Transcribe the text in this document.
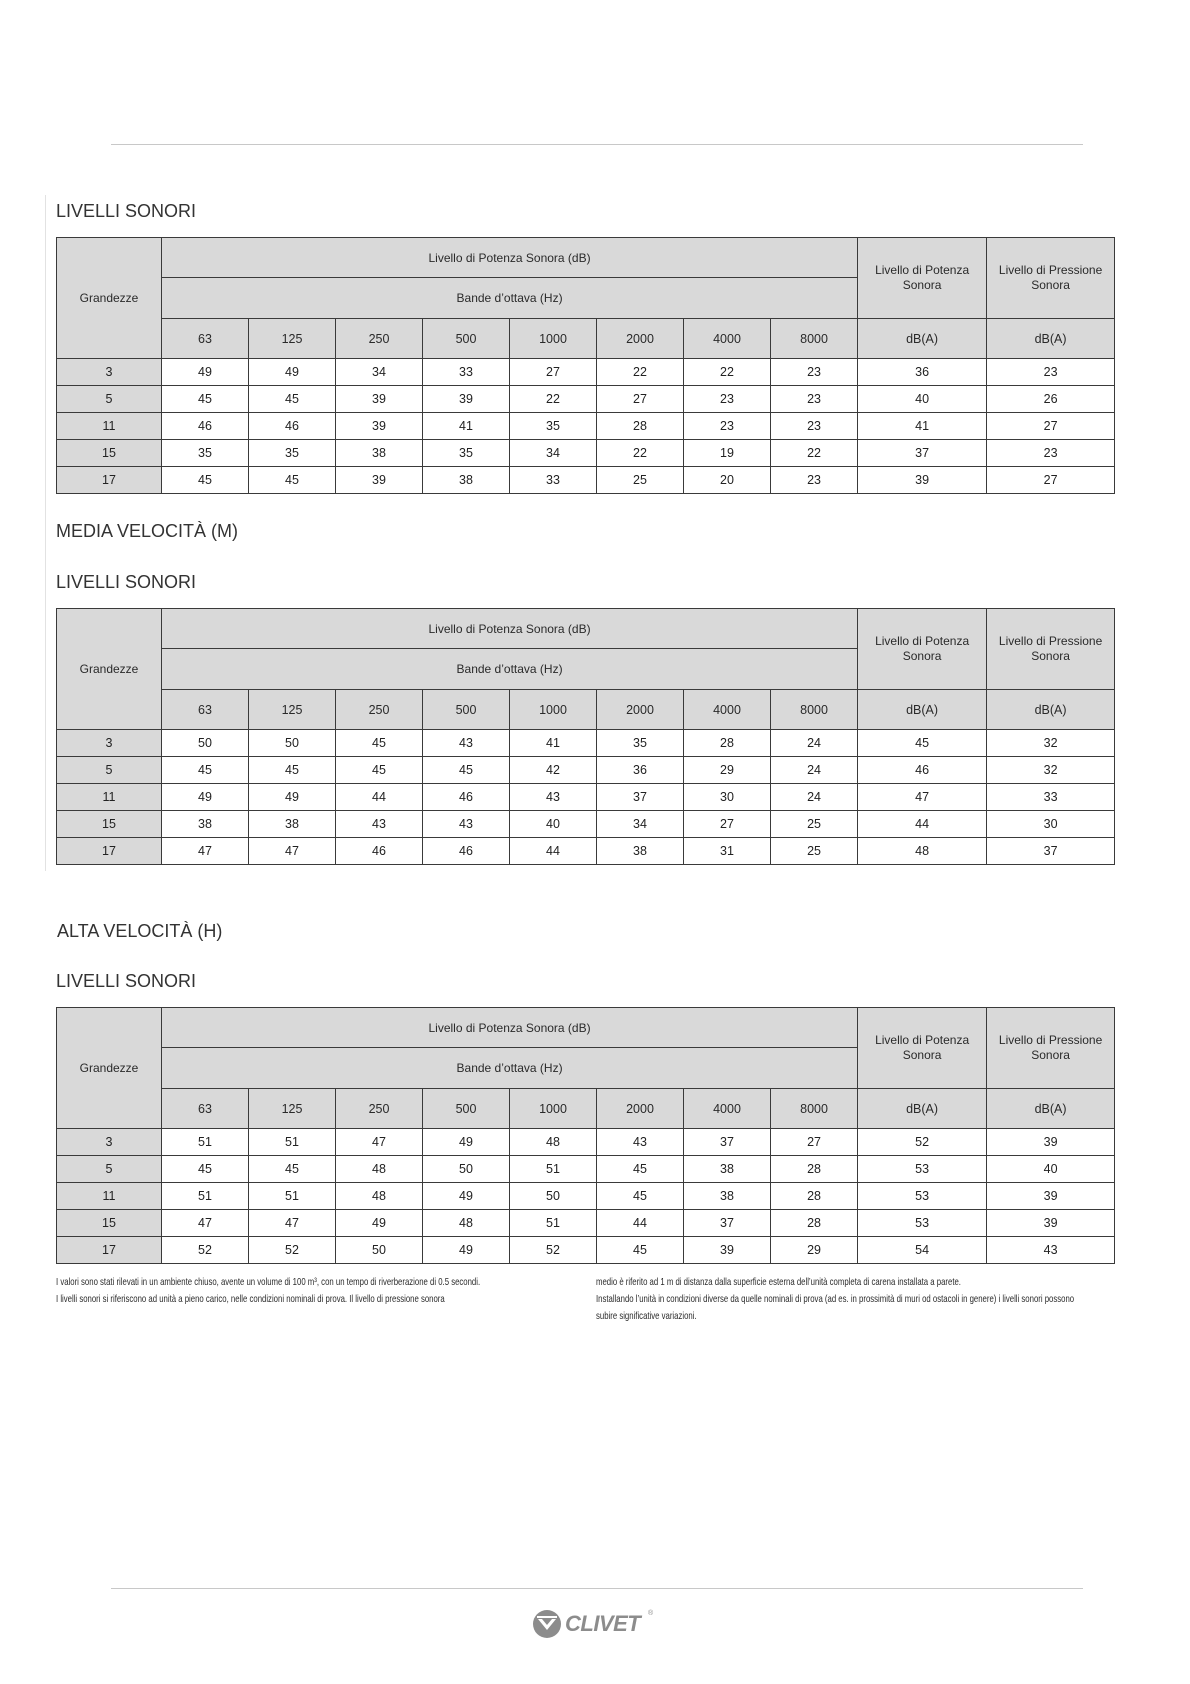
LIVELLI SONORI
Grandezze	Livello di Potenza Sonora (dB)								Livello di Potenza Sonora	Livello di Pressione Sonora
	Bande d’ottava (Hz)									
	63	125	250	500	1000	2000	4000	8000	dB(A)	dB(A)
3	49	49	34	33	27	22	22	23	36	23
5	45	45	39	39	22	27	23	23	40	26
11	46	46	39	41	35	28	23	23	41	27
15	35	35	38	35	34	22	19	22	37	23
17	45	45	39	38	33	25	20	23	39	27
MEDIA VELOCITÀ (M)
LIVELLI SONORI
Grandezze	Livello di Potenza Sonora (dB)								Livello di Potenza Sonora	Livello di Pressione Sonora
	Bande d’ottava (Hz)									
	63	125	250	500	1000	2000	4000	8000	dB(A)	dB(A)
3	50	50	45	43	41	35	28	24	45	32
5	45	45	45	45	42	36	29	24	46	32
11	49	49	44	46	43	37	30	24	47	33
15	38	38	43	43	40	34	27	25	44	30
17	47	47	46	46	44	38	31	25	48	37
ALTA VELOCITÀ (H)
LIVELLI SONORI
Grandezze	Livello di Potenza Sonora (dB)								Livello di Potenza Sonora	Livello di Pressione Sonora
	Bande d’ottava (Hz)									
	63	125	250	500	1000	2000	4000	8000	dB(A)	dB(A)
3	51	51	47	49	48	43	37	27	52	39
5	45	45	48	50	51	45	38	28	53	40
11	51	51	48	49	50	45	38	28	53	39
15	47	47	49	48	51	44	37	28	53	39
17	52	52	50	49	52	45	39	29	54	43

I valori sono stati rilevati in un ambiente chiuso, avente un volume di 100 m³, con un tempo di riverberazione di 0.5 secondi.

I livelli sonori si riferiscono ad unità a pieno carico, nelle condizioni nominali di prova. Il livello di pressione sonora

medio è riferito ad 1 m di distanza dalla superficie esterna dell’unità completa di carena installata a parete.

Installando l’unità in condizioni diverse da quelle nominali di prova (ad es. in prossimità di muri od ostacoli in genere) i livelli sonori possono subire significative variazioni.

CLIVET ®
